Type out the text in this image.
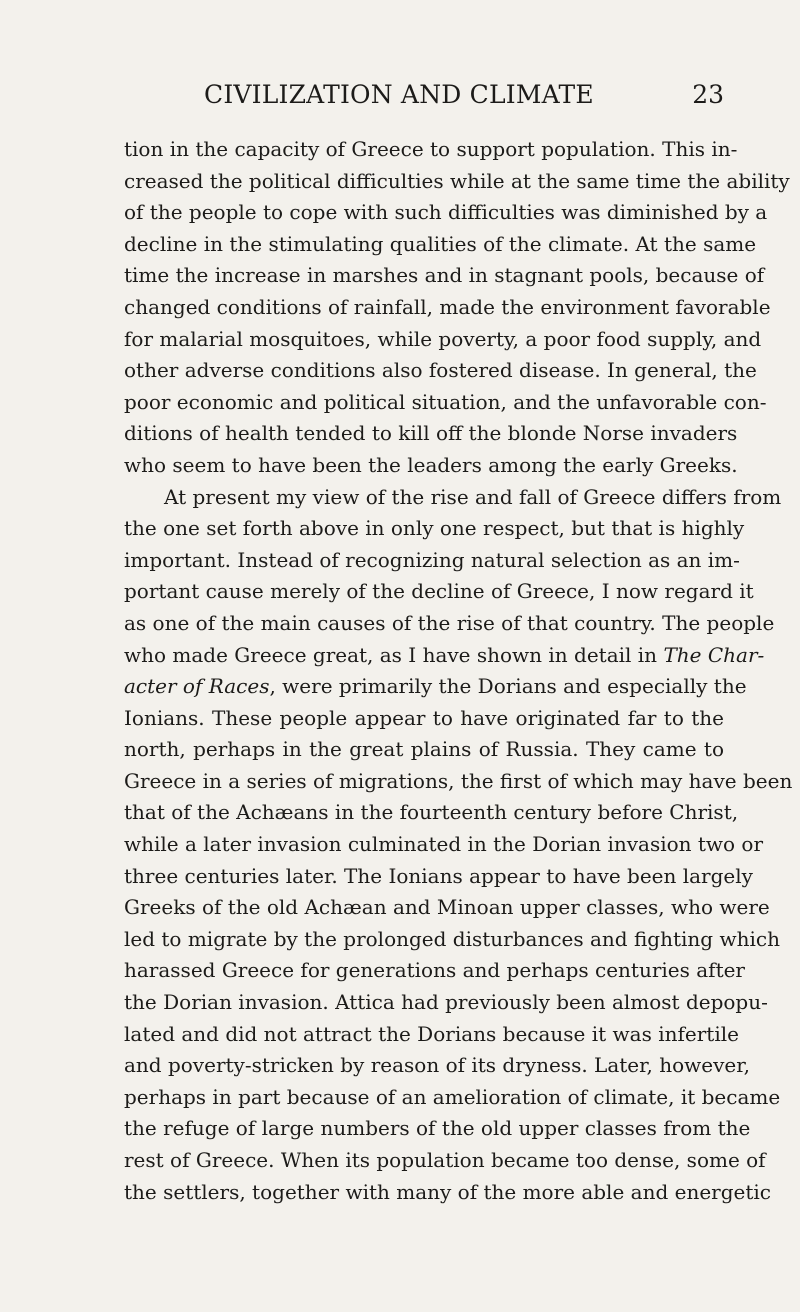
CIVILIZATION AND CLIMATE	23
tion in the capacity of Greece to support population. This in-
creased the political difficulties while at the same time the ability
of the people to cope with such difficulties was diminished by a
decline in the stimulating qualities of the climate. At the same
time the increase in marshes and in stagnant pools, because of
changed conditions of rainfall, made the environment favorable
for malarial mosquitoes, while poverty, a poor food supply, and
other adverse conditions also fostered disease. In general, the
poor economic and political situation, and the unfavorable con-
ditions of health tended to kill off the blonde Norse invaders
who seem to have been the leaders among the early Greeks.
At present my view of the rise and fall of Greece differs from
the one set forth above in only one respect, but that is highly
important. Instead of recognizing natural selection as an im-
portant cause merely of the decline of Greece, I now regard it
as one of the main causes of the rise of that country. The people
who made Greece great, as I have shown in detail in The Char-
acter of Races, were primarily the Dorians and especially the
Ionians. These people appear to have originated far to the
north, perhaps in the great plains of Russia. They came to
Greece in a series of migrations, the first of which may have been
that of the Achæans in the fourteenth century before Christ,
while a later invasion culminated in the Dorian invasion two or
three centuries later. The Ionians appear to have been largely
Greeks of the old Achæan and Minoan upper classes, who were
led to migrate by the prolonged disturbances and fighting which
harassed Greece for generations and perhaps centuries after
the Dorian invasion. Attica had previously been almost depopu-
lated and did not attract the Dorians because it was infertile
and poverty-stricken by reason of its dryness. Later, however,
perhaps in part because of an amelioration of climate, it became
the refuge of large numbers of the old upper classes from the
rest of Greece. When its population became too dense, some of
the settlers, together with many of the more able and energetic
